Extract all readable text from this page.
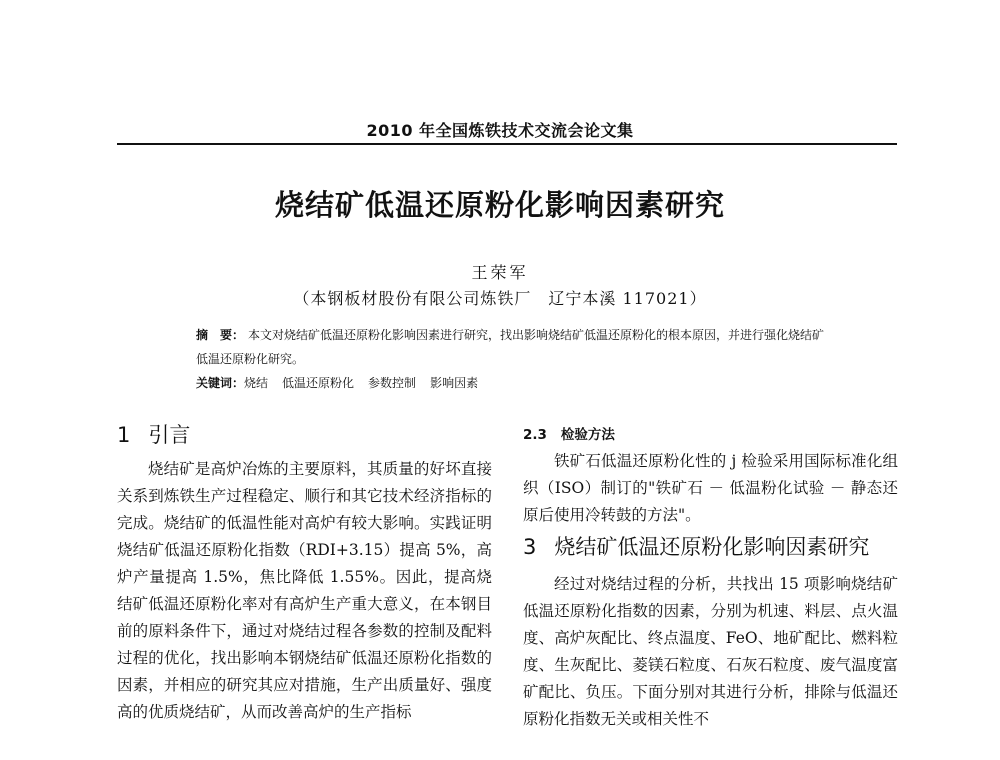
2010 年全国炼铁技术交流会论文集
烧结矿低温还原粉化影响因素研究
王荣军
（本钢板材股份有限公司炼铁厂　辽宁本溪 117021）
摘　要： 本文对烧结矿低温还原粉化影响因素进行研究，找出影响烧结矿低温还原粉化的根本原因，并进行强化烧结矿低温还原粉化研究。
关键词：烧结 低温还原粉化 参数控制 影响因素
1 引言

烧结矿是高炉冶炼的主要原料，其质量的好坏直接关系到炼铁生产过程稳定、顺行和其它技术经济指标的完成。烧结矿的低温性能对高炉有较大影响。实践证明烧结矿低温还原粉化指数（RDI+3.15）提高 5%，高炉产量提高 1.5%，焦比降低 1.55%。因此，提高烧结矿低温还原粉化率对有高炉生产重大意义，在本钢目前的原料条件下，通过对烧结过程各参数的控制及配料过程的优化，找出影响本钢烧结矿低温还原粉化指数的因素，并相应的研究其应对措施，生产出质量好、强度高的优质烧结矿，从而改善高炉的生产指标

2.3 检验方法

铁矿石低温还原粉化性的 j 检验采用国际标准化组织（ISO）制订的"铁矿石 － 低温粉化试验 － 静态还原后使用冷转鼓的方法"。

3 烧结矿低温还原粉化影响因素研究

经过对烧结过程的分析，共找出 15 项影响烧结矿低温还原粉化指数的因素，分别为机速、料层、点火温度、高炉灰配比、终点温度、FeO、地矿配比、燃料粒度、生灰配比、菱镁石粒度、石灰石粒度、废气温度富矿配比、负压。下面分别对其进行分析，排除与低温还原粉化指数无关或相关性不
